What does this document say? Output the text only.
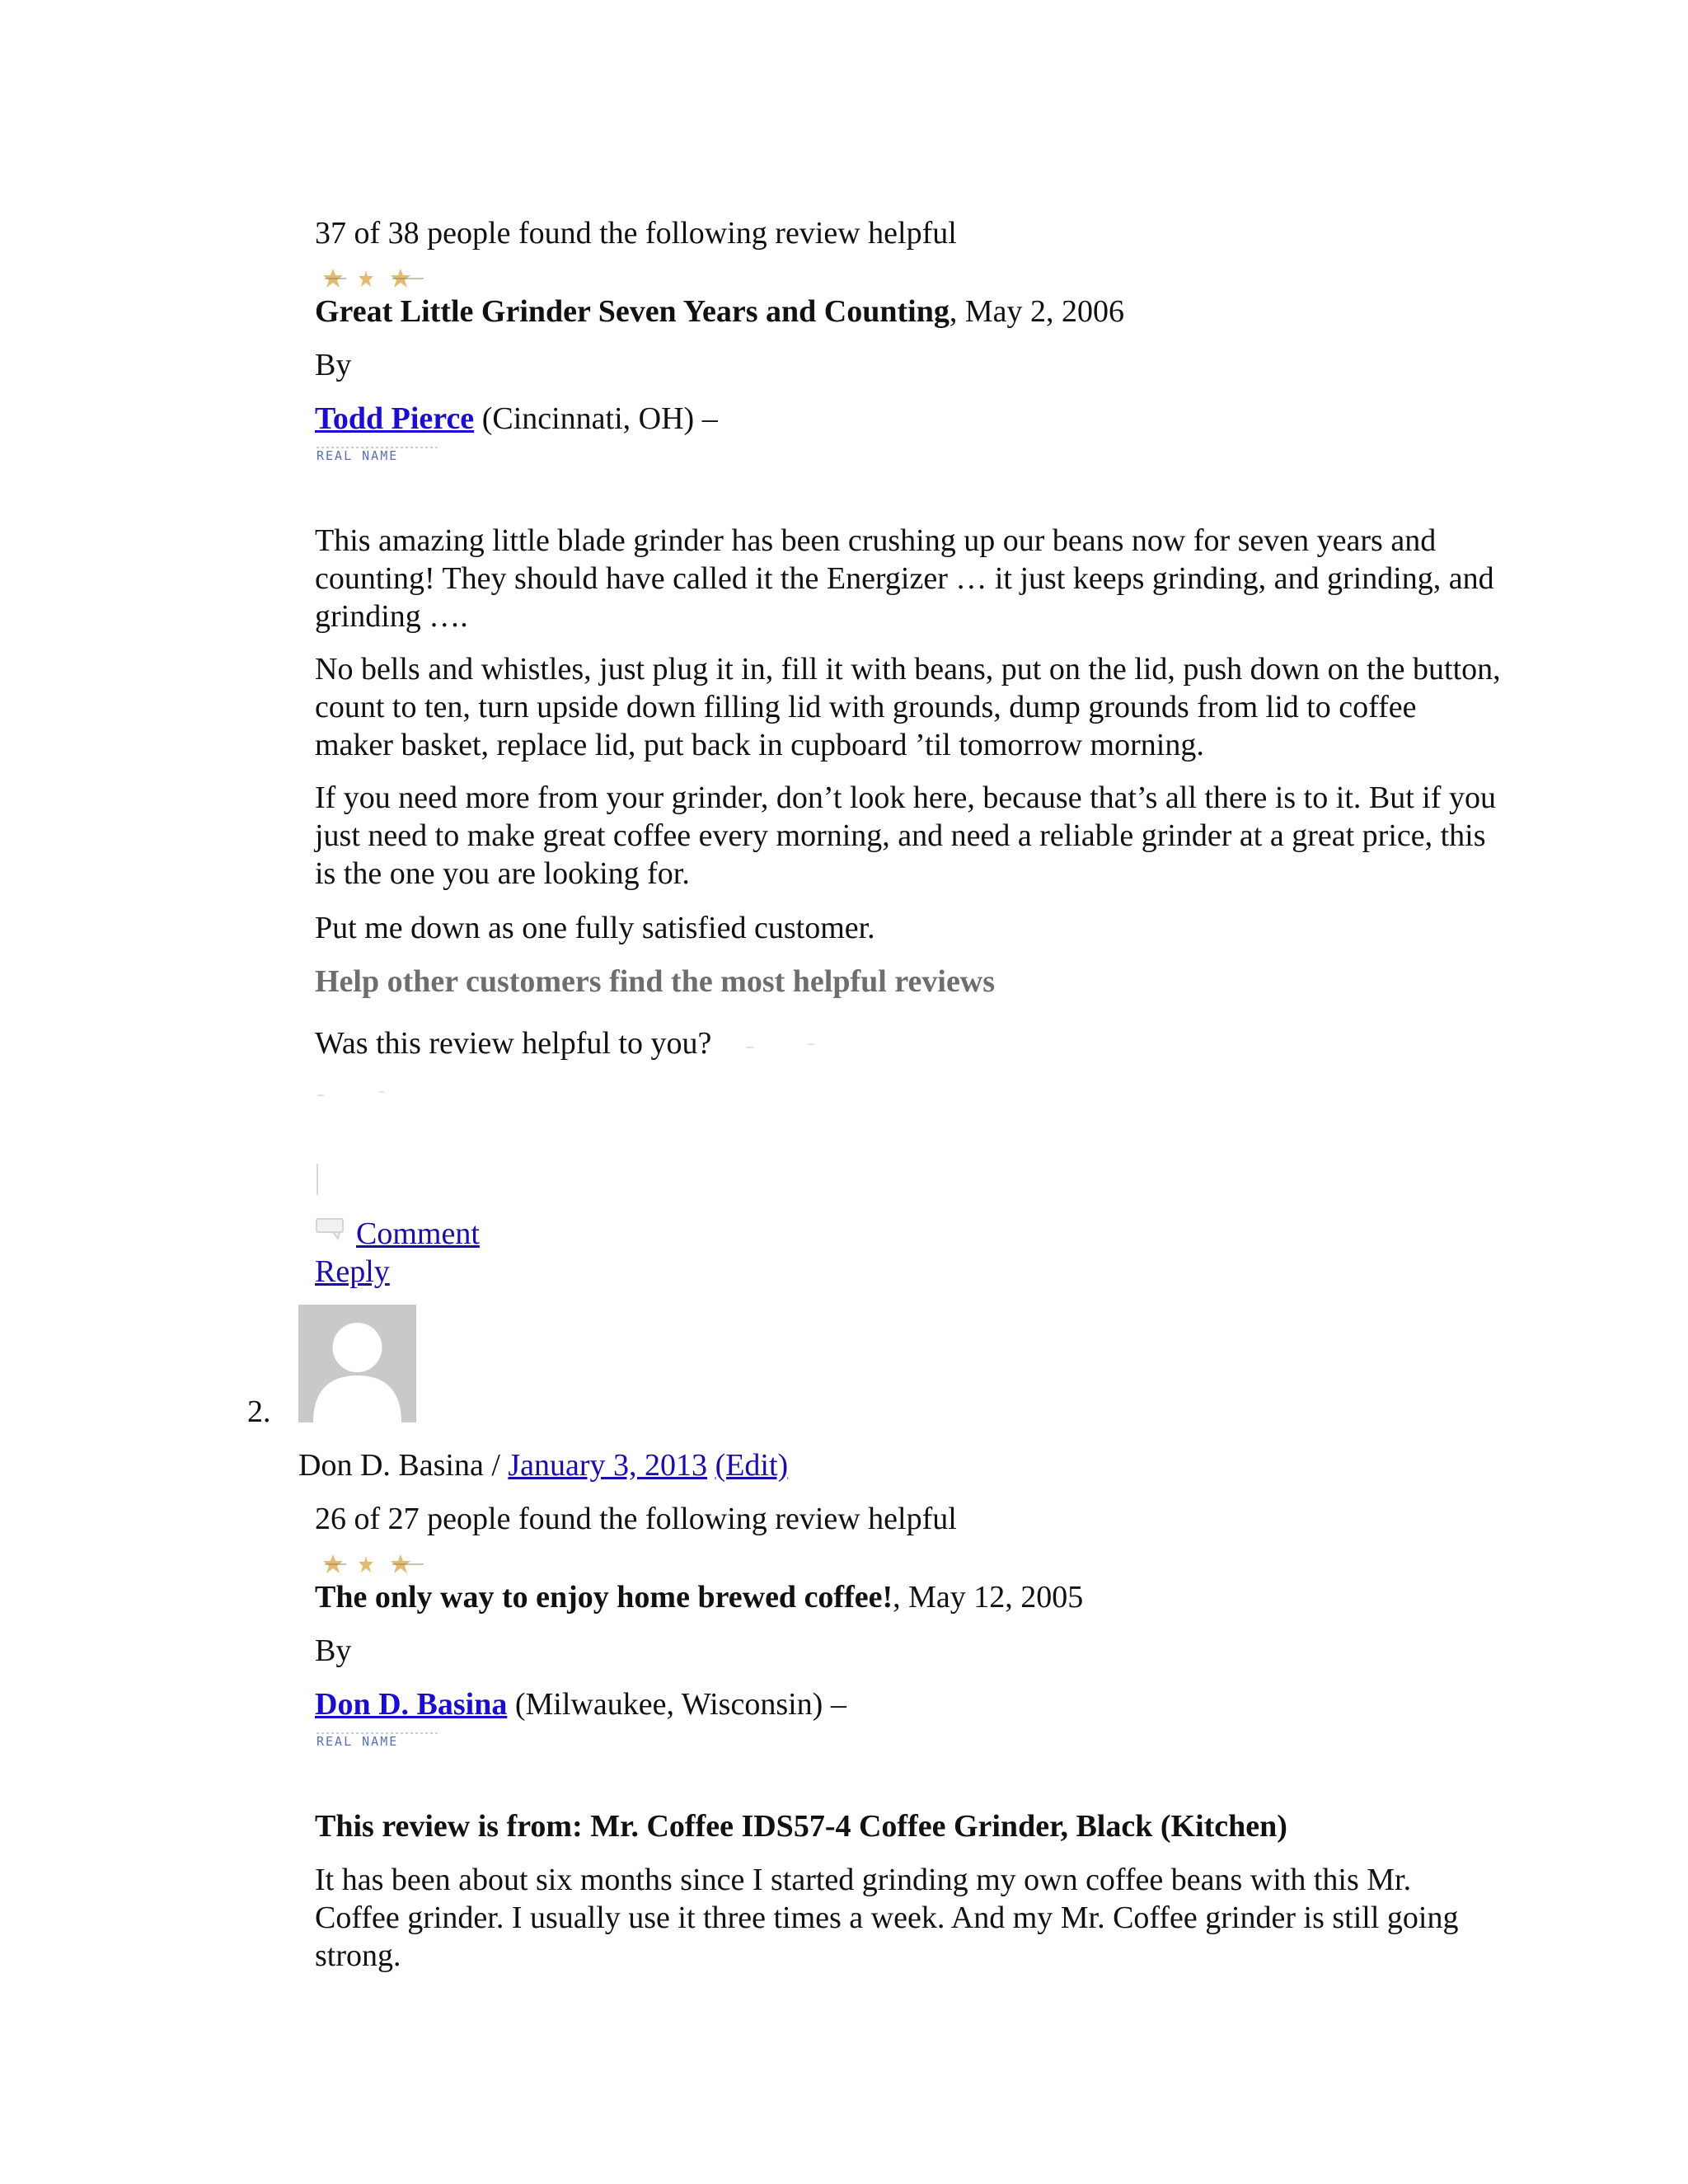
37 of 38 people found the following review helpful
Great Little Grinder Seven Years and Counting, May 2, 2006
By
Todd Pierce (Cincinnati, OH) –
REAL NAME
This amazing little blade grinder has been crushing up our beans now for seven years and counting! They should have called it the Energizer … it just keeps grinding, and grinding, and grinding ….
No bells and whistles, just plug it in, fill it with beans, put on the lid, push down on the button, count to ten, turn upside down filling lid with grounds, dump grounds from lid to coffee maker basket, replace lid, put back in cupboard ’til tomorrow morning.
If you need more from your grinder, don’t look here, because that’s all there is to it. But if you just need to make great coffee every morning, and need a reliable grinder at a great price, this is the one you are looking for.
Put me down as one fully satisfied customer.
Help other customers find the most helpful reviews
Was this review helpful to you?
Comment
Reply
2.
Don D. Basina / January 3, 2013 (Edit)
26 of 27 people found the following review helpful
The only way to enjoy home brewed coffee!, May 12, 2005
By
Don D. Basina (Milwaukee, Wisconsin) –
REAL NAME
This review is from: Mr. Coffee IDS57-4 Coffee Grinder, Black (Kitchen)
It has been about six months since I started grinding my own coffee beans with this Mr. Coffee grinder. I usually use it three times a week. And my Mr. Coffee grinder is still going strong.
